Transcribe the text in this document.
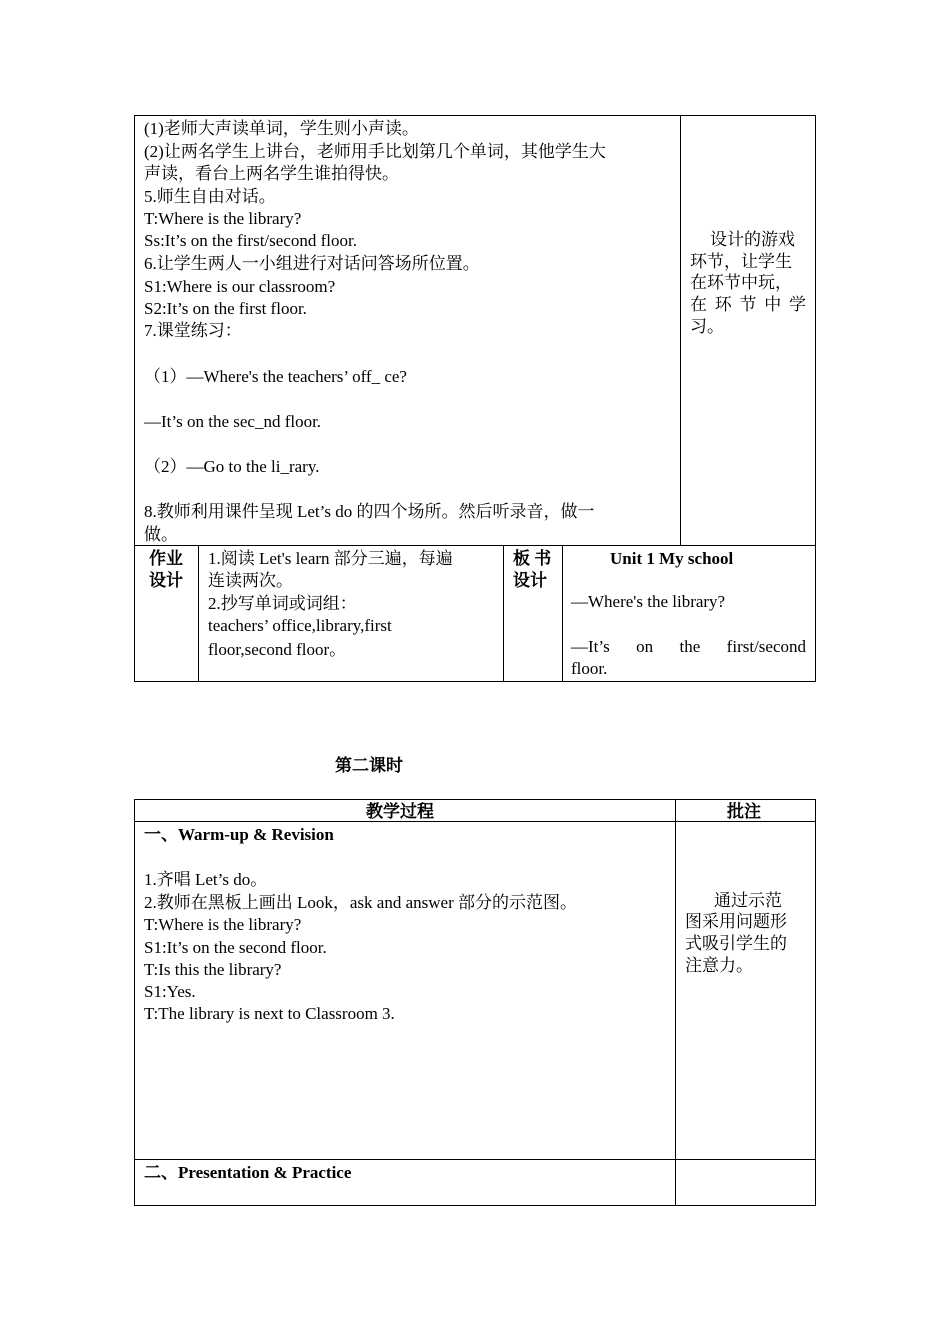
(1)老师大声读单词，学生则小声读。
(2)让两名学生上讲台，老师用手比划第几个单词，其他学生大
声读，看台上两名学生谁拍得快。
5.师生自由对话。
T:Where is the library?
Ss:It’s on the first/second floor.
6.让学生两人一小组进行对话问答场所位置。
S1:Where is our classroom?
S2:It’s on the first floor.
7.课堂练习：
（1）—Where's the teachers’ off_ ce?
—It’s on the sec_nd floor.
（2）—Go to the li_rary.
8.教师利用课件呈现 Let’s do 的四个场所。然后听录音，做一
做。
设计的游戏
环节，让学生
在环节中玩，
在 环 节 中 学
习。
作业
设计
1.阅读 Let's learn 部分三遍，每遍
连读两次。
2.抄写单词或词组：
teachers’ office,library,first
floor,second floor。
板 书
设计
Unit 1 My school
—Where's the library?
—It’s on the first/second
floor.
第二课时
教学过程	批注
一、Warm-up & Revision
1.齐唱 Let’s do。
2.教师在黑板上画出 Look，ask and answer 部分的示范图。
T:Where is the library?
S1:It’s on the second floor.
T:Is this the library?
S1:Yes.
T:The library is next to Classroom 3.
通过示范
图采用问题形
式吸引学生的
注意力。
二、Presentation & Practice
